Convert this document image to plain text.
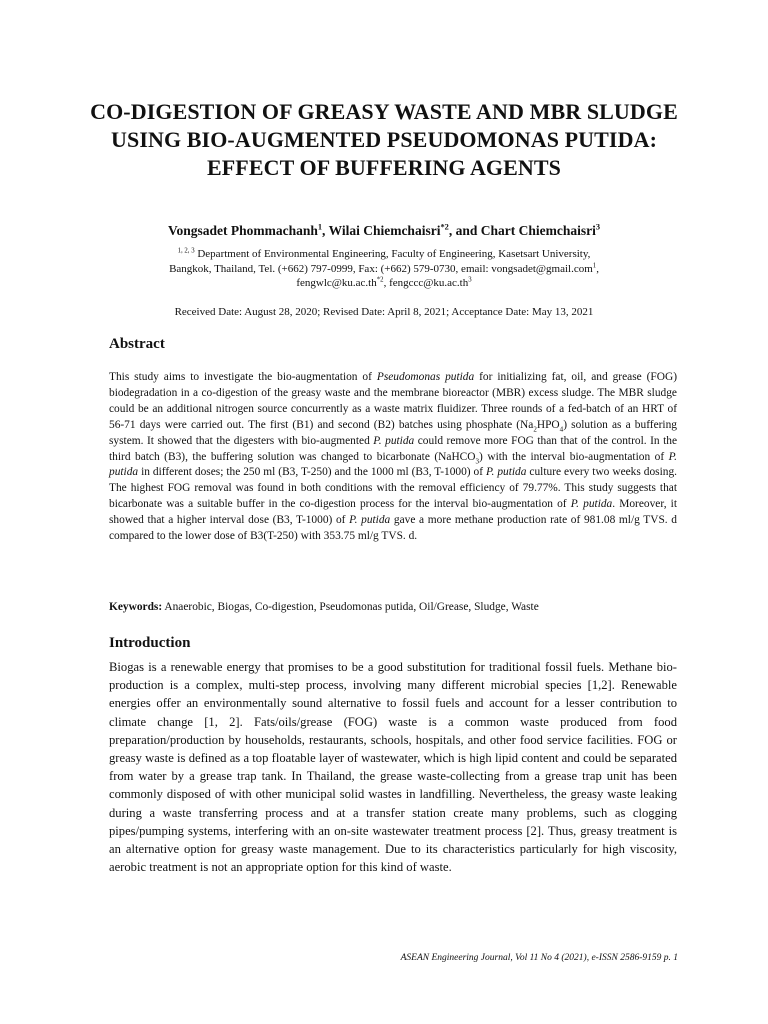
CO-DIGESTION OF GREASY WASTE AND MBR SLUDGE USING BIO-AUGMENTED PSEUDOMONAS PUTIDA: EFFECT OF BUFFERING AGENTS
Vongsadet Phommachanh$^1$, Wilai Chiemchaisri$^{*2}$, and Chart Chiemchaisri$^3$
$^{1, 2, 3}$ Department of Environmental Engineering, Faculty of Engineering, Kasetsart University,
Bangkok, Thailand, Tel. (+662) 797-0999, Fax: (+662) 579-0730, email: vongsadet@gmail.com$^1$,
$fengwlc@ku.ac.th^{*2}$, $fengccc@ku.ac.th^3$
Received Date: August 28, 2020; Revised Date: April 8, 2021; Acceptance Date: May 13, 2021
Abstract

This study aims to investigate the bio-augmentation of Pseudomonas putida for initializing fat, oil, and grease (FOG) biodegradation in a co-digestion of the greasy waste and the membrane bioreactor (MBR) excess sludge. The MBR sludge could be an additional nitrogen source concurrently as a waste matrix fluidizer. Three rounds of a fed-batch of an HRT of 56-71 days were carried out. The first (B1) and second (B2) batches using phosphate $(Na_2HPO_4)$ solution as a buffering system. It showed that the digesters with bio-augmented P. putida could remove more FOG than that of the control. In the third batch (B3), the buffering solution was changed to bicarbonate (NaHCO$_3$) with the interval bio-augmentation of P. putida in different doses; the 250 ml (B3, T-250) and the 1000 ml (B3, T-1000) of P. putida culture every two weeks dosing. The highest FOG removal was found in both conditions with the removal efficiency of 79.77%. This study suggests that bicarbonate was a suitable buffer in the co-digestion process for the interval bio-augmentation of P. putida. Moreover, it showed that a higher interval dose (B3, T-1000) of P. putida gave a more methane production rate of 981.08 ml/g TVS. d compared to the lower dose of B3(T-250) with 353.75 ml/g TVS. d.

Keywords: Anaerobic, Biogas, Co-digestion, Pseudomonas putida, Oil/Grease, Sludge, Waste

Introduction

Biogas is a renewable energy that promises to be a good substitution for traditional fossil fuels. Methane bio-production is a complex, multi-step process, involving many different microbial species [1,2]. Renewable energies offer an environmentally sound alternative to fossil fuels and account for a lesser contribution to climate change [1, 2]. Fats/oils/grease (FOG) waste is a common waste produced from food preparation/production by households, restaurants, schools, hospitals, and other food service facilities. FOG or greasy waste is defined as a top floatable layer of wastewater, which is high lipid content and could be separated from water by a grease trap tank. In Thailand, the grease waste-collecting from a grease trap unit has been commonly disposed of with other municipal solid wastes in landfilling. Nevertheless, the greasy waste leaking during a waste transferring process and at a transfer station create many problems, such as clogging pipes/pumping systems, interfering with an on-site wastewater treatment process [2]. Thus, greasy treatment is an alternative option for greasy waste management. Due to its characteristics particularly for high viscosity, aerobic treatment is not an appropriate option for this kind of waste.

ASEAN Engineering Journal, Vol 11 No 4 (2021), e-ISSN 2586-9159 p. 1
